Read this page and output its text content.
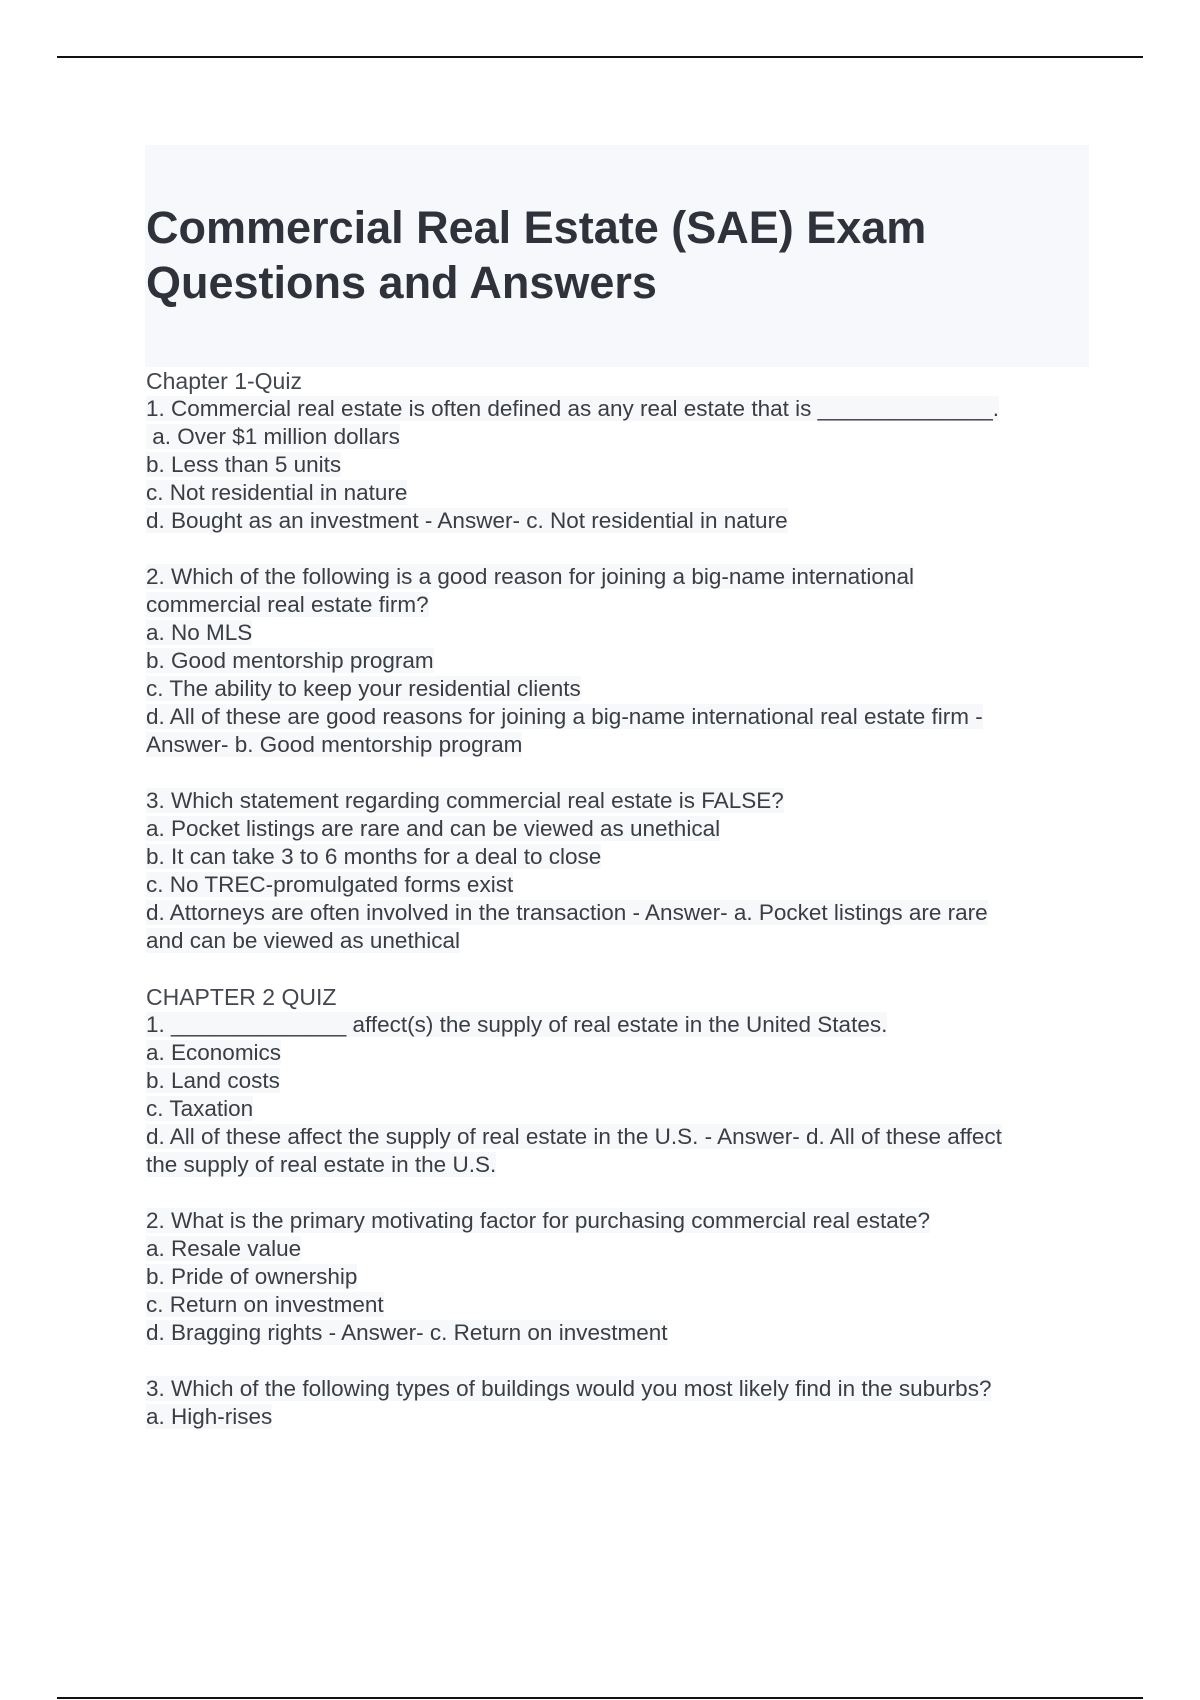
Commercial Real Estate (SAE) Exam Questions and Answers
Chapter 1-Quiz
1. Commercial real estate is often defined as any real estate that is ______________.
a. Over $1 million dollars
b. Less than 5 units
c. Not residential in nature
d. Bought as an investment - Answer- c. Not residential in nature
2. Which of the following is a good reason for joining a big-name international
commercial real estate firm?
a. No MLS
b. Good mentorship program
c. The ability to keep your residential clients
d. All of these are good reasons for joining a big-name international real estate firm -
Answer- b. Good mentorship program
3. Which statement regarding commercial real estate is FALSE?
a. Pocket listings are rare and can be viewed as unethical
b. It can take 3 to 6 months for a deal to close
c. No TREC-promulgated forms exist
d. Attorneys are often involved in the transaction - Answer- a. Pocket listings are rare
and can be viewed as unethical
CHAPTER 2 QUIZ
1. ______________ affect(s) the supply of real estate in the United States.
a. Economics
b. Land costs
c. Taxation
d. All of these affect the supply of real estate in the U.S. - Answer- d. All of these affect
the supply of real estate in the U.S.
2. What is the primary motivating factor for purchasing commercial real estate?
a. Resale value
b. Pride of ownership
c. Return on investment
d. Bragging rights - Answer- c. Return on investment
3. Which of the following types of buildings would you most likely find in the suburbs?
a. High-rises
